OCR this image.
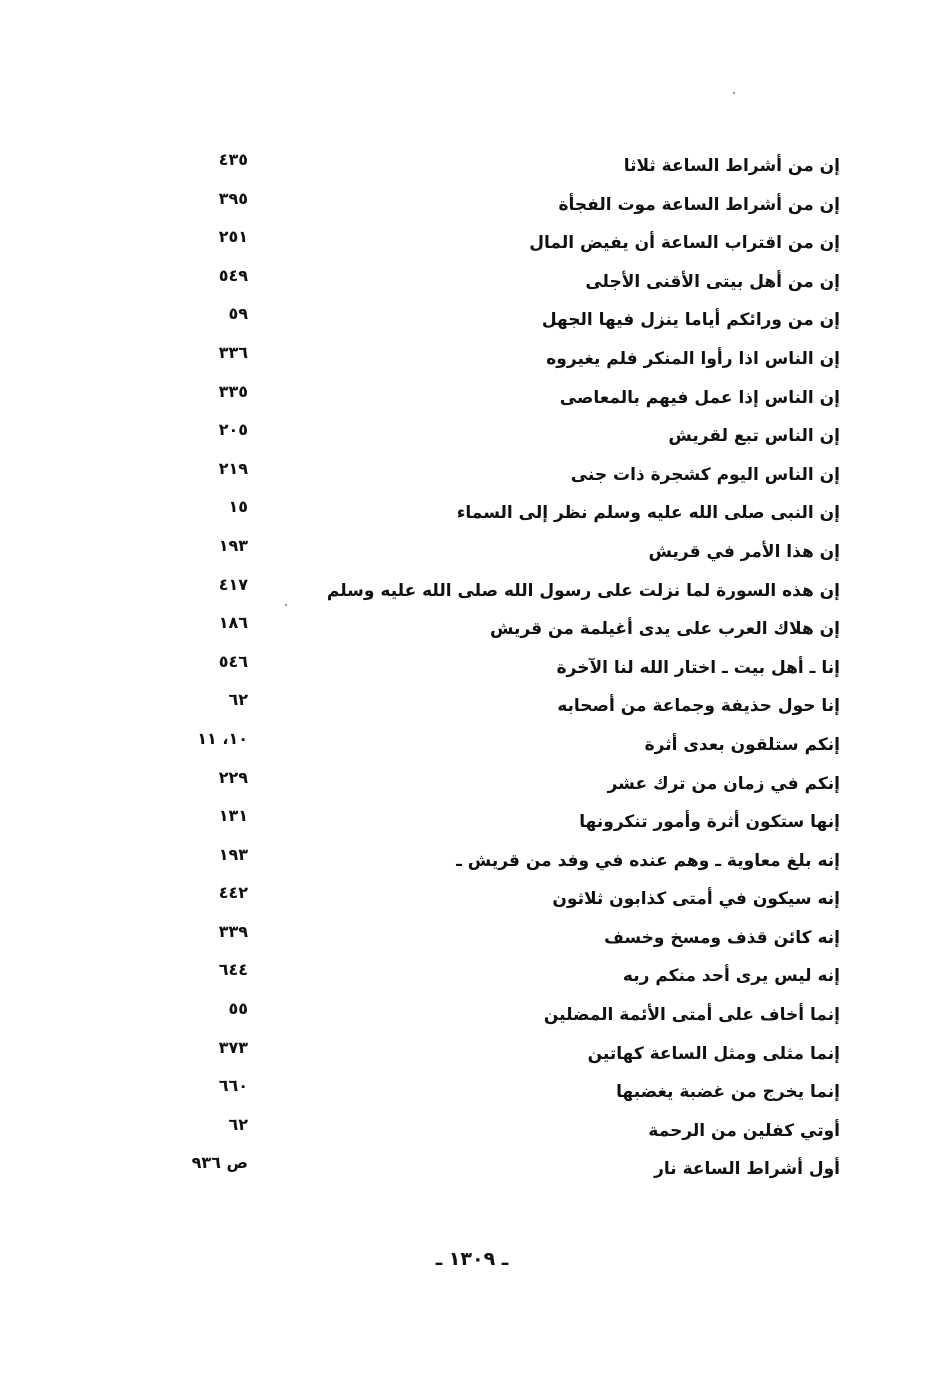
إن من أشراط الساعة ثلاثا
٤٣٥
إن من أشراط الساعة موت الفجأة
٣٩٥
إن من اقتراب الساعة أن يفيض المال
٢٥١
إن من أهل بيتى الأقنى الأجلى
٥٤٩
إن من ورائكم أياما ينزل فيها الجهل
٥٩
إن الناس اذا رأوا المنكر فلم يغيروه
٣٣٦
إن الناس إذا عمل فيهم بالمعاصى
٣٣٥
إن الناس تبع لقريش
٢٠٥
إن الناس اليوم كشجرة ذات جنى
٢١٩
إن النبى صلى الله عليه وسلم نظر إلى السماء
١٥
إن هذا الأمر في قريش
١٩٣
إن هذه السورة لما نزلت على رسول الله صلى الله عليه وسلم
٤١٧
إن هلاك العرب على يدى أغيلمة من قريش
١٨٦
إنا ـ أهل بيت ـ اختار الله لنا الآخرة
٥٤٦
إنا حول حذيفة وجماعة من أصحابه
٦٢
إنكم ستلقون بعدى أثرة
١٠، ١١
إنكم في زمان من ترك عشر
٢٢٩
إنها ستكون أثرة وأمور تنكرونها
١٣١
إنه بلغ معاوية ـ وهم عنده في وفد من قريش ـ
١٩٣
إنه سيكون في أمتى كذابون ثلاثون
٤٤٢
إنه كائن قذف ومسخ وخسف
٣٣٩
إنه ليس يرى أحد منكم ربه
٦٤٤
إنما أخاف على أمتى الأئمة المضلين
٥٥
إنما مثلى ومثل الساعة كهاتين
٣٧٣
إنما يخرج من غضبة يغضبها
٦٦٠
أوتي كفلين من الرحمة
٦٢
أول أشراط الساعة نار
ص ٩٣٦
ـ ١٣٠٩ ـ
